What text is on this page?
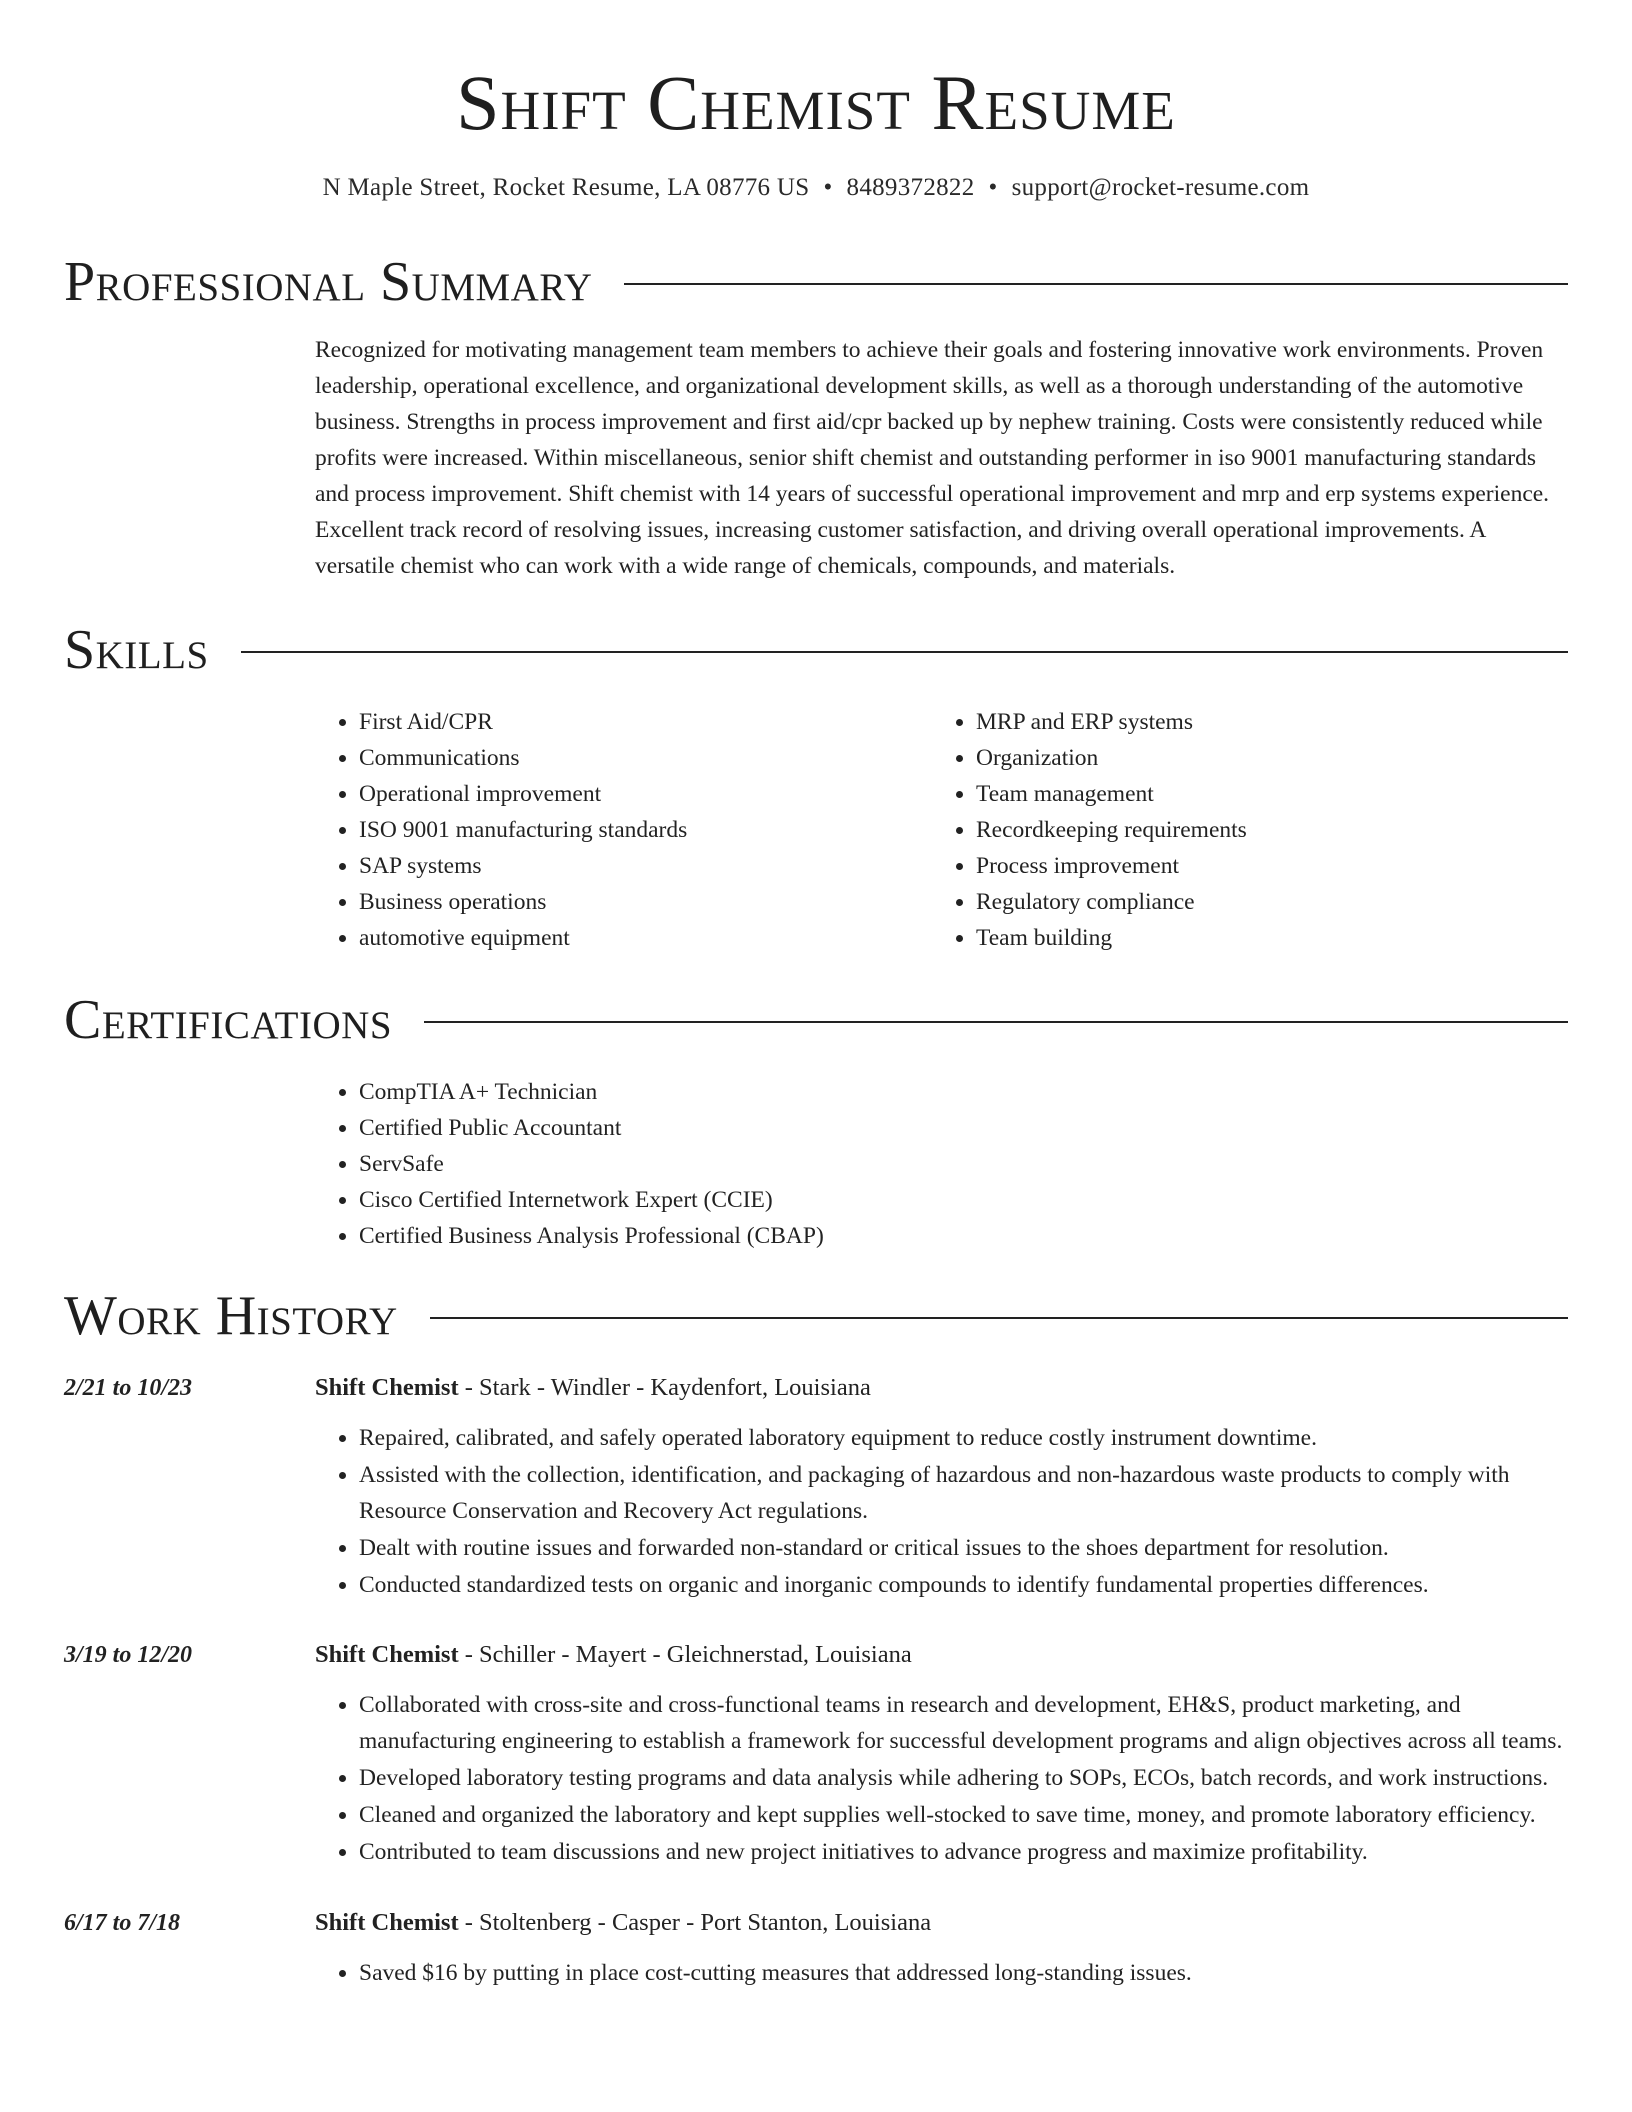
Shift Chemist Resume
N Maple Street, Rocket Resume, LA 08776 US • 8489372822 • support@rocket-resume.com
Professional Summary
Recognized for motivating management team members to achieve their goals and fostering innovative work environments. Proven leadership, operational excellence, and organizational development skills, as well as a thorough understanding of the automotive business. Strengths in process improvement and first aid/cpr backed up by nephew training. Costs were consistently reduced while profits were increased. Within miscellaneous, senior shift chemist and outstanding performer in iso 9001 manufacturing standards and process improvement. Shift chemist with 14 years of successful operational improvement and mrp and erp systems experience. Excellent track record of resolving issues, increasing customer satisfaction, and driving overall operational improvements. A versatile chemist who can work with a wide range of chemicals, compounds, and materials.
Skills
• First Aid/CPR
• Communications
• Operational improvement
• ISO 9001 manufacturing standards
• SAP systems
• Business operations
• automotive equipment
• MRP and ERP systems
• Organization
• Team management
• Recordkeeping requirements
• Process improvement
• Regulatory compliance
• Team building
Certifications
• CompTIA A+ Technician
• Certified Public Accountant
• ServSafe
• Cisco Certified Internetwork Expert (CCIE)
• Certified Business Analysis Professional (CBAP)
Work History
2/21 to 10/23	Shift Chemist - Stark - Windler - Kaydenfort, Louisiana
• Repaired, calibrated, and safely operated laboratory equipment to reduce costly instrument downtime.
• Assisted with the collection, identification, and packaging of hazardous and non-hazardous waste products to comply with Resource Conservation and Recovery Act regulations.
• Dealt with routine issues and forwarded non-standard or critical issues to the shoes department for resolution.
• Conducted standardized tests on organic and inorganic compounds to identify fundamental properties differences.
3/19 to 12/20	Shift Chemist - Schiller - Mayert - Gleichnerstad, Louisiana
• Collaborated with cross-site and cross-functional teams in research and development, EH&S, product marketing, and manufacturing engineering to establish a framework for successful development programs and align objectives across all teams.
• Developed laboratory testing programs and data analysis while adhering to SOPs, ECOs, batch records, and work instructions.
• Cleaned and organized the laboratory and kept supplies well-stocked to save time, money, and promote laboratory efficiency.
• Contributed to team discussions and new project initiatives to advance progress and maximize profitability.
6/17 to 7/18	Shift Chemist - Stoltenberg - Casper - Port Stanton, Louisiana
• Saved $16 by putting in place cost-cutting measures that addressed long-standing issues.
